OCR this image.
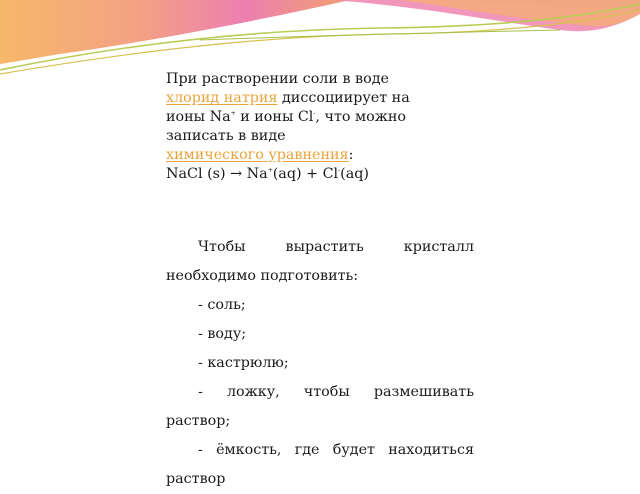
При растворении соли в воде

хлорид натрия диссоциирует на

ионы Na+ и ионы Cl-, что можно

записать в виде

химического уравнения:

NaCl (s) → Na+(aq) + Cl-(aq)

Чтобы вырастить кристалл необходимо подготовить:

- соль;

- воду;

- кастрюлю;

- ложку, чтобы размешивать раствор;

- ёмкость, где будет находиться раствор
